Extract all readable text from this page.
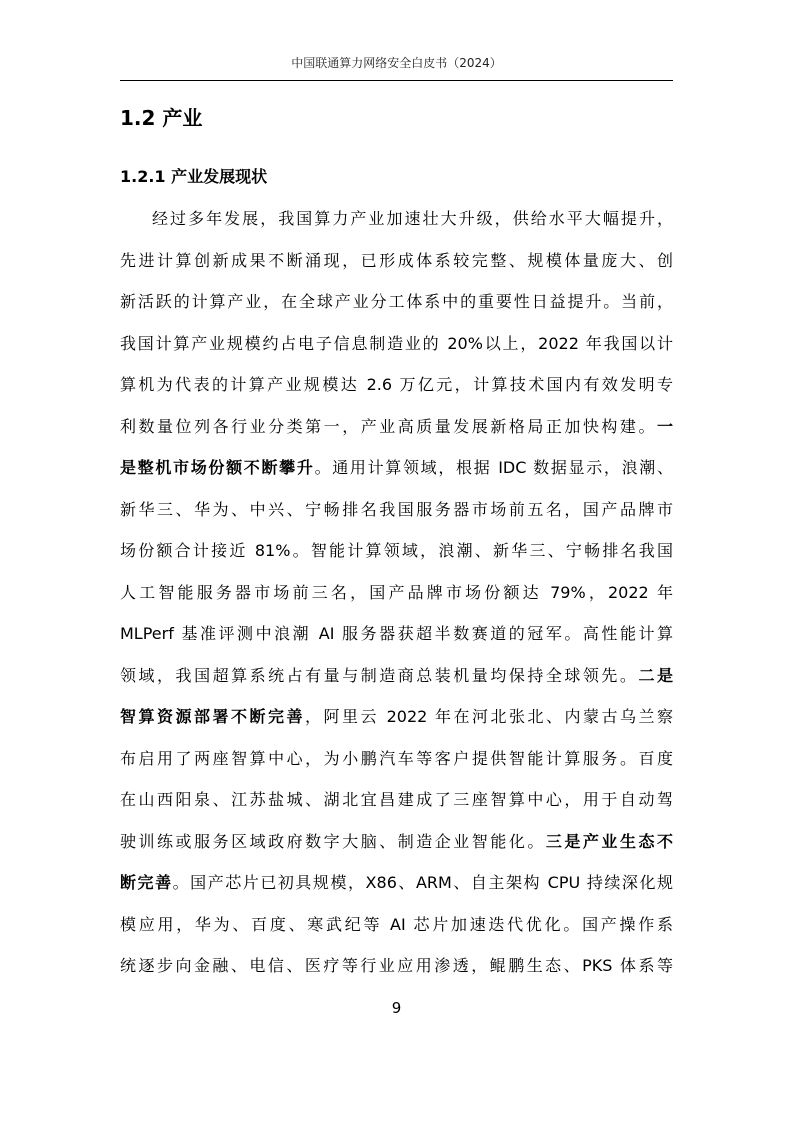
中国联通算力网络安全白皮书（2024）
1.2 产业
1.2.1 产业发展现状
经过多年发展，我国算力产业加速壮大升级，供给水平大幅提升，
先进计算创新成果不断涌现，已形成体系较完整、规模体量庞大、创
新活跃的计算产业，在全球产业分工体系中的重要性日益提升。当前，
我国计算产业规模约占电子信息制造业的 20%以上，2022 年我国以计
算机为代表的计算产业规模达 2.6 万亿元，计算技术国内有效发明专
利数量位列各行业分类第一，产业高质量发展新格局正加快构建。一
是整机市场份额不断攀升。通用计算领域，根据 IDC 数据显示，浪潮、
新华三、华为、中兴、宁畅排名我国服务器市场前五名，国产品牌市
场份额合计接近 81%。智能计算领域，浪潮、新华三、宁畅排名我国
人工智能服务器市场前三名，国产品牌市场份额达 79%，2022 年
MLPerf 基准评测中浪潮 AI 服务器获超半数赛道的冠军。高性能计算
领域，我国超算系统占有量与制造商总装机量均保持全球领先。二是
智算资源部署不断完善，阿里云 2022 年在河北张北、内蒙古乌兰察
布启用了两座智算中心，为小鹏汽车等客户提供智能计算服务。百度
在山西阳泉、江苏盐城、湖北宜昌建成了三座智算中心，用于自动驾
驶训练或服务区域政府数字大脑、制造企业智能化。三是产业生态不
断完善。国产芯片已初具规模，X86、ARM、自主架构 CPU 持续深化规
模应用，华为、百度、寒武纪等 AI 芯片加速迭代优化。国产操作系
统逐步向金融、电信、医疗等行业应用渗透，鲲鹏生态、PKS 体系等
9
